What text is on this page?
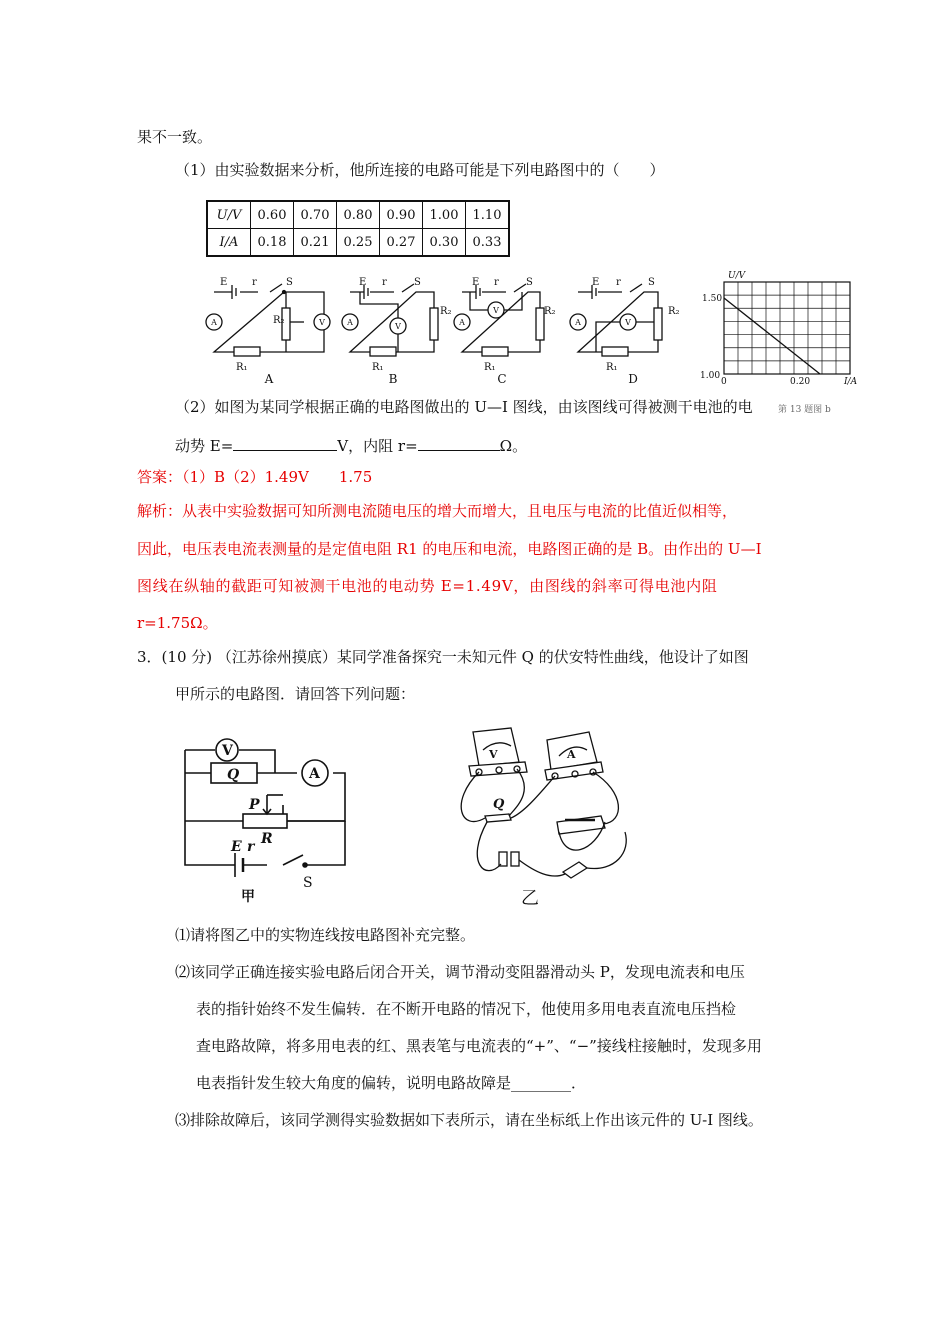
果不一致。
（1）由实验数据来分析，他所连接的电路可能是下列电路图中的（　　）
U/V	0.60	0.70	0.80	0.90	1.00	1.10
I/A	0.18	0.21	0.25	0.27	0.30	0.33
E r	S
R₂
R₁
E r	S
R₂
R₁
E r	S
R₂
R₁
E r	S
R₂
R₁
A	V	A	V	A
V
A	V
A	B	C	D
U/V
1.50
1.00
0	0.20	I/A
第 13 题图 b
（2）如图为某同学根据正确的电路图做出的 U—I 图线，由该图线可得被测干电池的电
动势 E=	V，内阻 r=	Ω。
答案：（1）B（2）1.49V　　1.75
解析：从表中实验数据可知所测电流随电压的增大而增大，且电压与电流的比值近似相等，
因此，电压表电流表测量的是定值电阻 R1 的电压和电流，电路图正确的是 B。由作出的 U—I
图线在纵轴的截距可知被测干电池的电动势 E=1.49V，由图线的斜率可得电池内阻
r=1.75Ω。
3．(10 分) （江苏徐州摸底）某同学准备探究一未知元件 Q 的伏安特性曲线，他设计了如图
甲所示的电路图．请回答下列问题：
V
Q	A
P
R
E r
S
甲
V	A
Q
乙
⑴请将图乙中的实物连线按电路图补充完整。
⑵该同学正确连接实验电路后闭合开关，调节滑动变阻器滑动头 P，发现电流表和电压
表的指针始终不发生偏转．在不断开电路的情况下，他使用多用电表直流电压挡检
查电路故障，将多用电表的红、黑表笔与电流表的“+”、“−”接线柱接触时，发现多用
电表指针发生较大角度的偏转，说明电路故障是________．
⑶排除故障后，该同学测得实验数据如下表所示，请在坐标纸上作出该元件的 U-I 图线。
